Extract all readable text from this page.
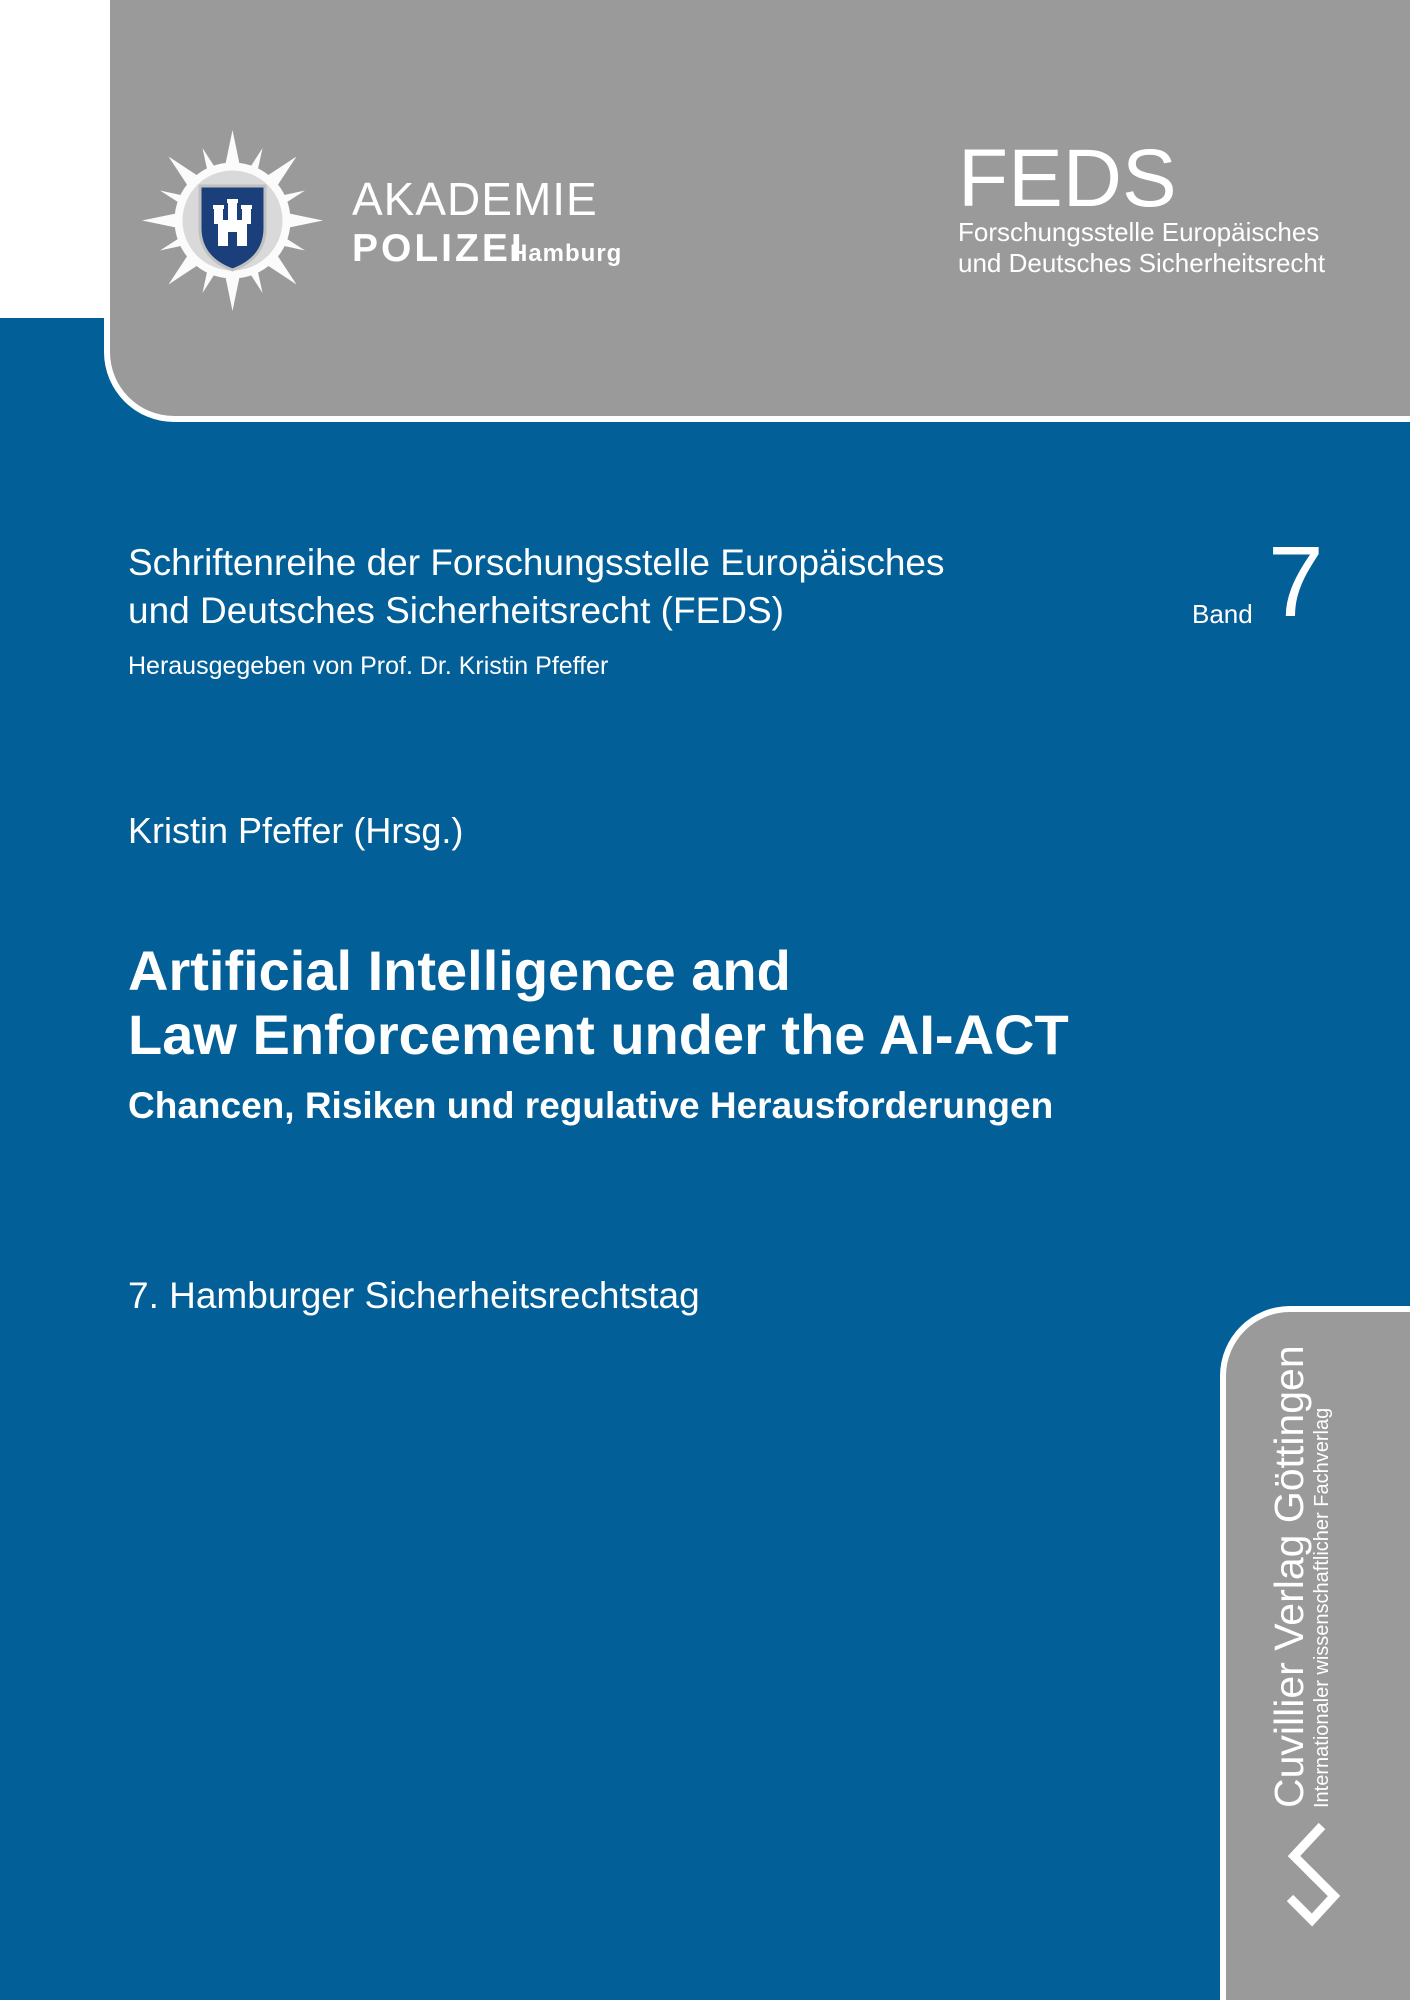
AKADEMIE
POLIZEI
Hamburg
FEDS
Forschungsstelle Europäisches
und Deutsches Sicherheitsrecht
Schriftenreihe der Forschungsstelle Europäisches
und Deutsches Sicherheitsrecht (FEDS)
Herausgegeben von Prof. Dr. Kristin Pfeffer
Band 7
Kristin Pfeffer (Hrsg.)
Artificial Intelligence and
Law Enforcement under the AI-ACT
Chancen, Risiken und regulative Herausforderungen
7. Hamburger Sicherheitsrechtstag
Cuvillier Verlag Göttingen Internationaler wissenschaftlicher Fachverlag
